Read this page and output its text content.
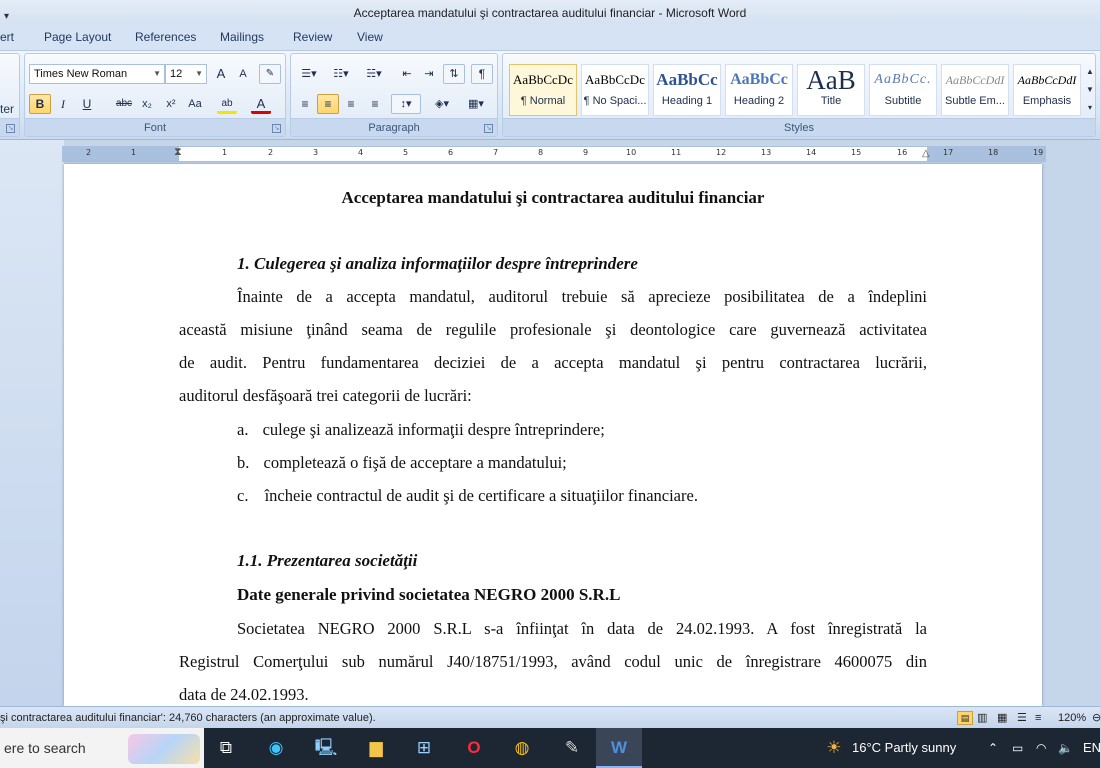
▾	Acceptarea mandatului şi contractarea auditului financiar - Microsoft Word
ert Page Layout References Mailings Review View
↘
Times New Roman	▼ 12 ▼	A	A	✎
B	I	U	abc x₂	x²	Aa	ab	A
Font	↘
☰▾	☷▾	☵▾	⇤	⇥	⇅	¶
≡	≡	≡	≡	↕▾	◈▾	▦▾
Paragraph	↘
AaBbCcDc
¶ Normal
AaBbCcDc
¶ No Spaci...
AaBbCc
Heading 1
AaBbCc
Heading 2
AaB
Title
AaBbCc.
Subtitle
AaBbCcDdI
Subtle Em...
AaBbCcDdI
Emphasis
▲
▼
▾
Styles
ter
2	1	⧗	1	2	3	4	5	6	7	8	9	10	11	12	13	14	15	16 △ 17	18	19
Acceptarea mandatului şi contractarea auditului financiar
1. Culegerea şi analiza informaţiilor despre întreprindere
Înainte de a accepta mandatul, auditorul trebuie să aprecieze posibilitatea de a îndeplini
această misiune ţinând seama de regulile profesionale şi deontologice care guvernează activitatea
de audit. Pentru fundamentarea deciziei de a accepta mandatul şi pentru contractarea lucrării,
auditorul desfăşoară trei categorii de lucrări:
a. culege şi analizează informaţii despre întreprindere;
b. completează o fişă de acceptare a mandatului;
c. încheie contractul de audit şi de certificare a situaţiilor financiare.
1.1. Prezentarea societăţii
Date generale privind societatea NEGRO 2000 S.R.L
Societatea NEGRO 2000 S.R.L s-a înfiinţat în data de 24.02.1993. A fost înregistrată la
Registrul Comerţului sub numărul J40/18751/1993, având codul unic de înregistrare 4600075 din
data de 24.02.1993.
şi contractarea auditului financiar': 24,760 characters (an approximate value).	▤ ▥ ▦ ☰ ≡ 120% ⊖
ere to search	⧉	◉ 🖳	▆	⊞	O	◍ ✎ W	☀ 16°C Partly sunny	⌃ ▭ ◠ 🔈 EN
